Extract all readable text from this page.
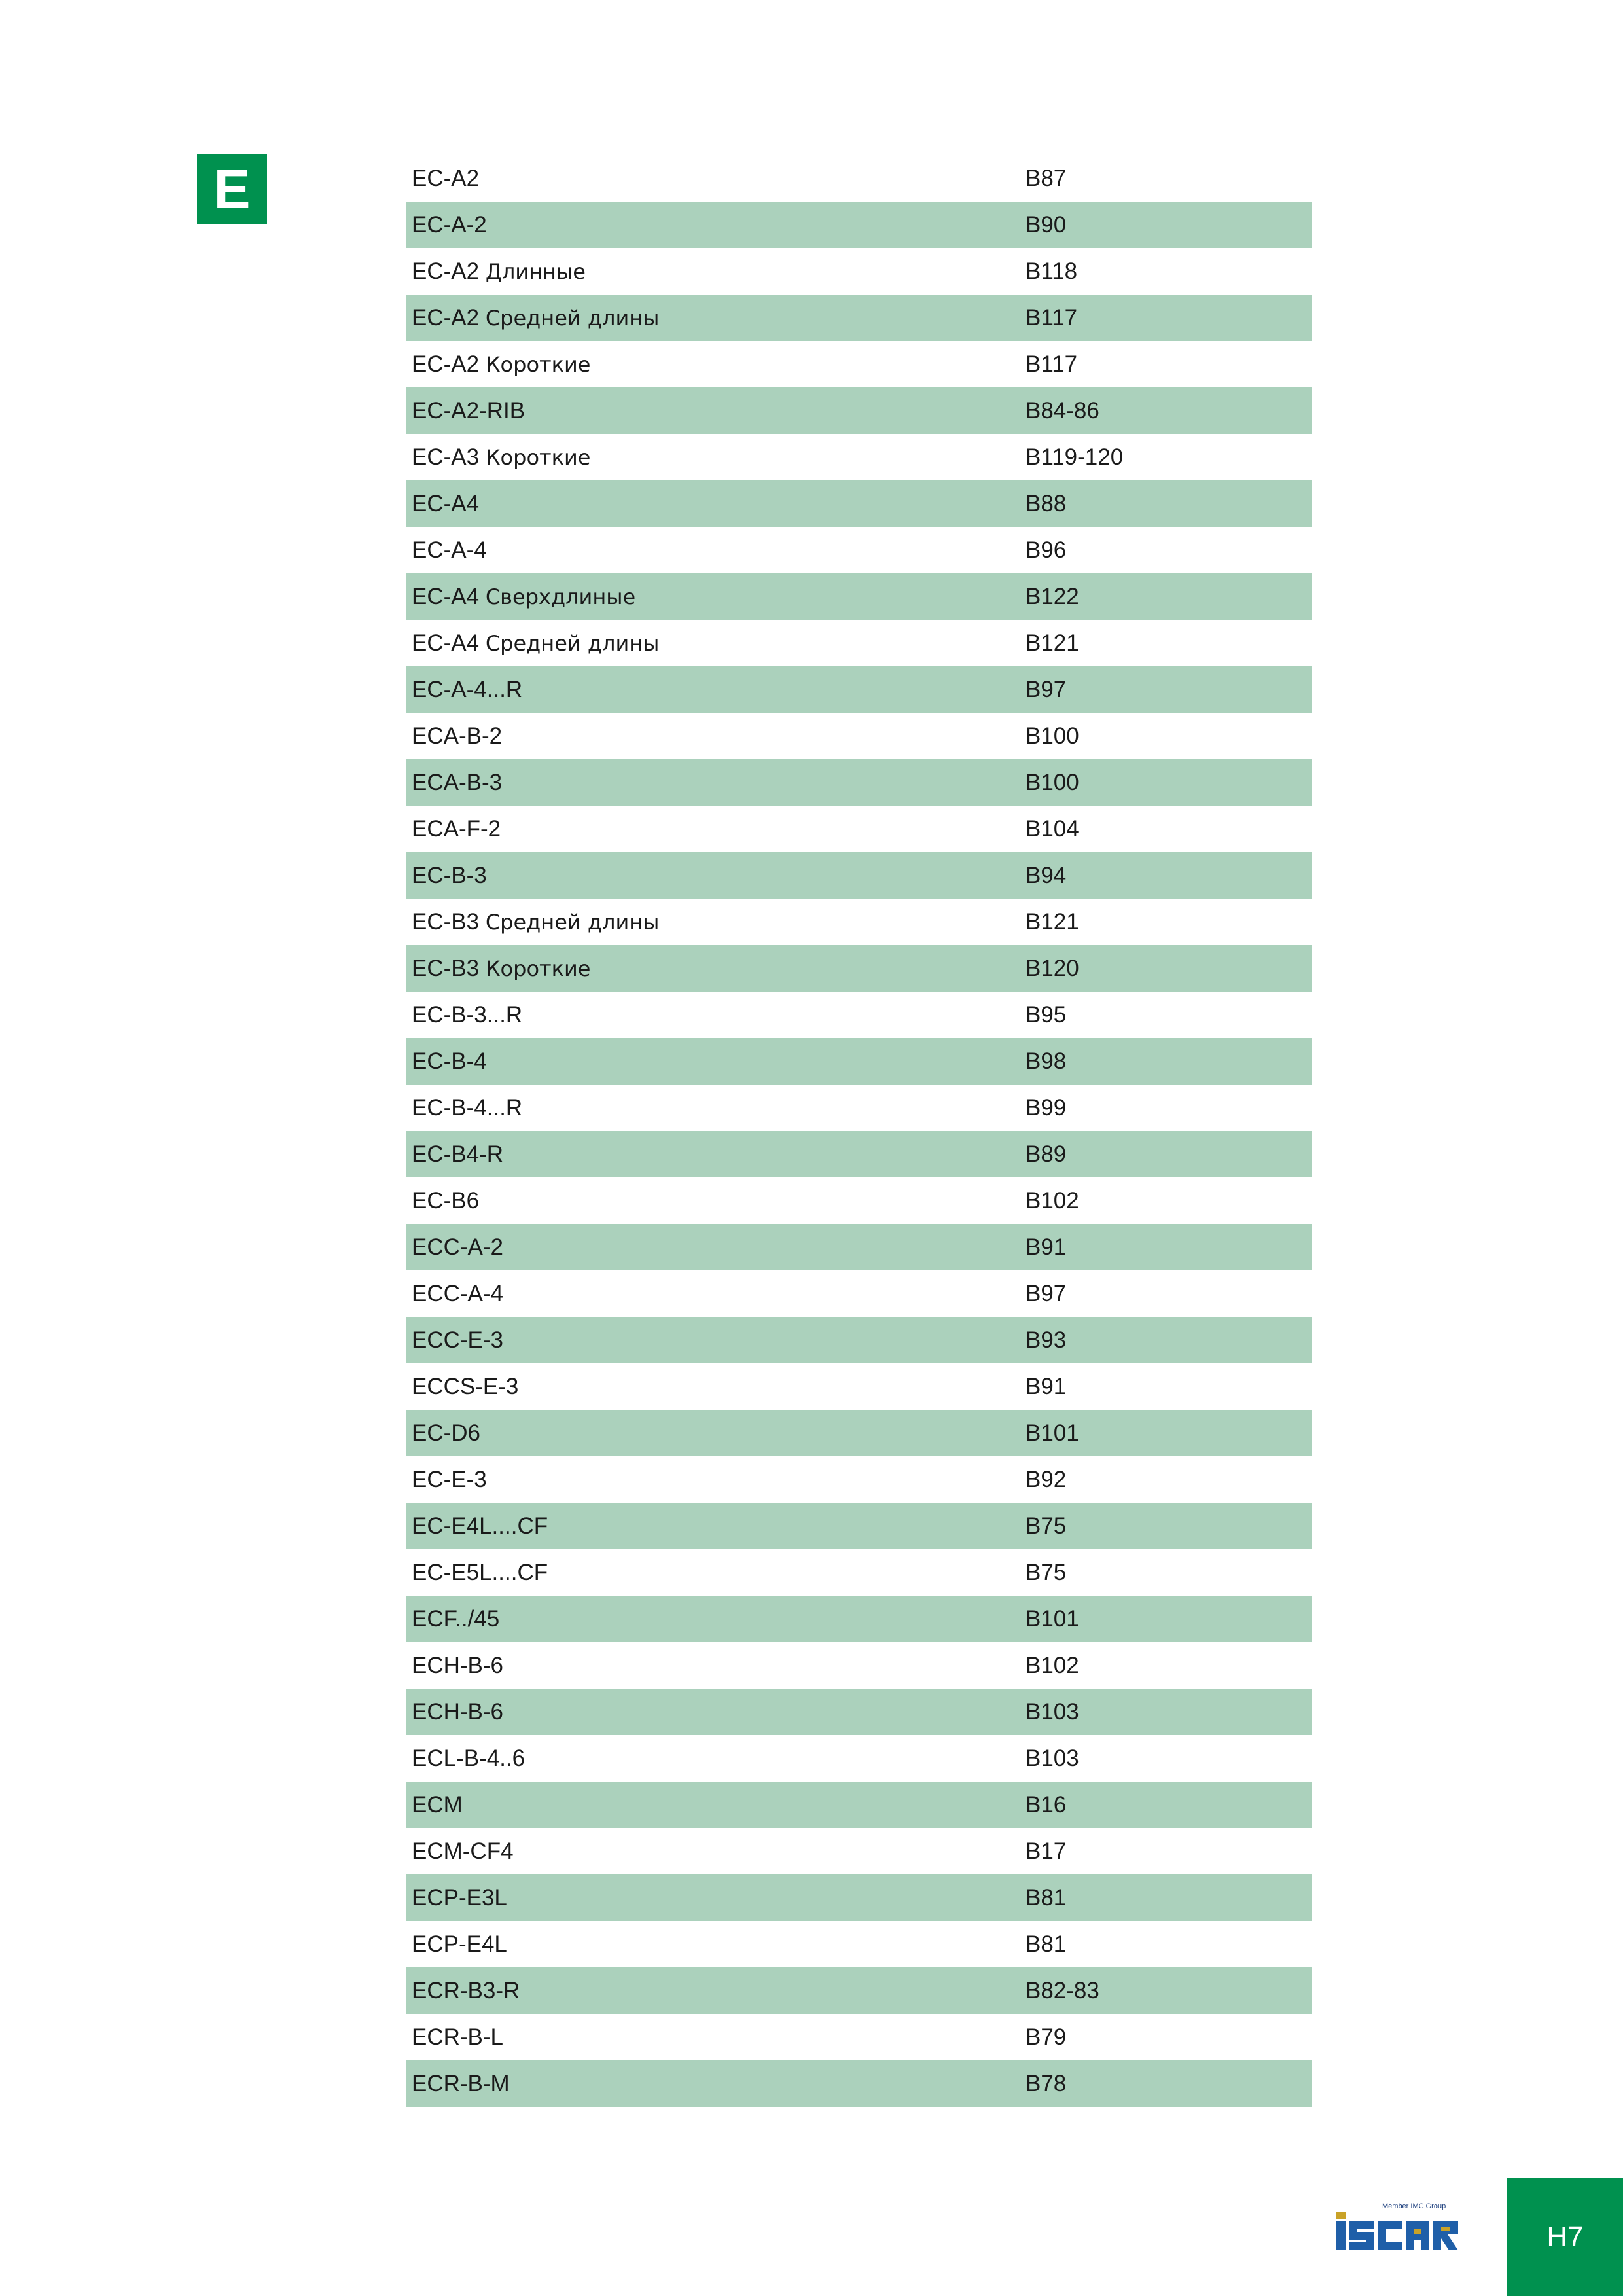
E	EC-A2	B87
EC-A-2	B90
EC-A2 Длинные	B118
EC-A2 Средней длины	B117
EC-A2 Короткие	B117
EC-A2-RIB	B84-86
EC-A3 Короткие	B119-120
EC-A4	B88
EC-A-4	B96
EC-A4 Сверхдлиные	B122
EC-A4 Средней длины	B121
EC-A-4...R	B97
ECA-B-2	B100
ECA-B-3	B100
ECA-F-2	B104
EC-B-3	B94
EC-B3 Средней длины	B121
EC-B3 Короткие	B120
EC-B-3...R	B95
EC-B-4	B98
EC-B-4...R	B99
EC-B4-R	B89
EC-B6	B102
ECC-A-2	B91
ECC-A-4	B97
ECC-E-3	B93
ECCS-E-3	B91
EC-D6	B101
EC-E-3	B92
EC-E4L....CF	B75
EC-E5L....CF	B75
ECF../45	B101
ECH-B-6	B102
ECH-B-6	B103
ECL-B-4..6	B103
ECM	B16
ECM-CF4	B17
ECP-E3L	B81
ECP-E4L	B81
ECR-B3-R	B82-83
ECR-B-L	B79
ECR-B-M	B78
Member IMC Group
H7
